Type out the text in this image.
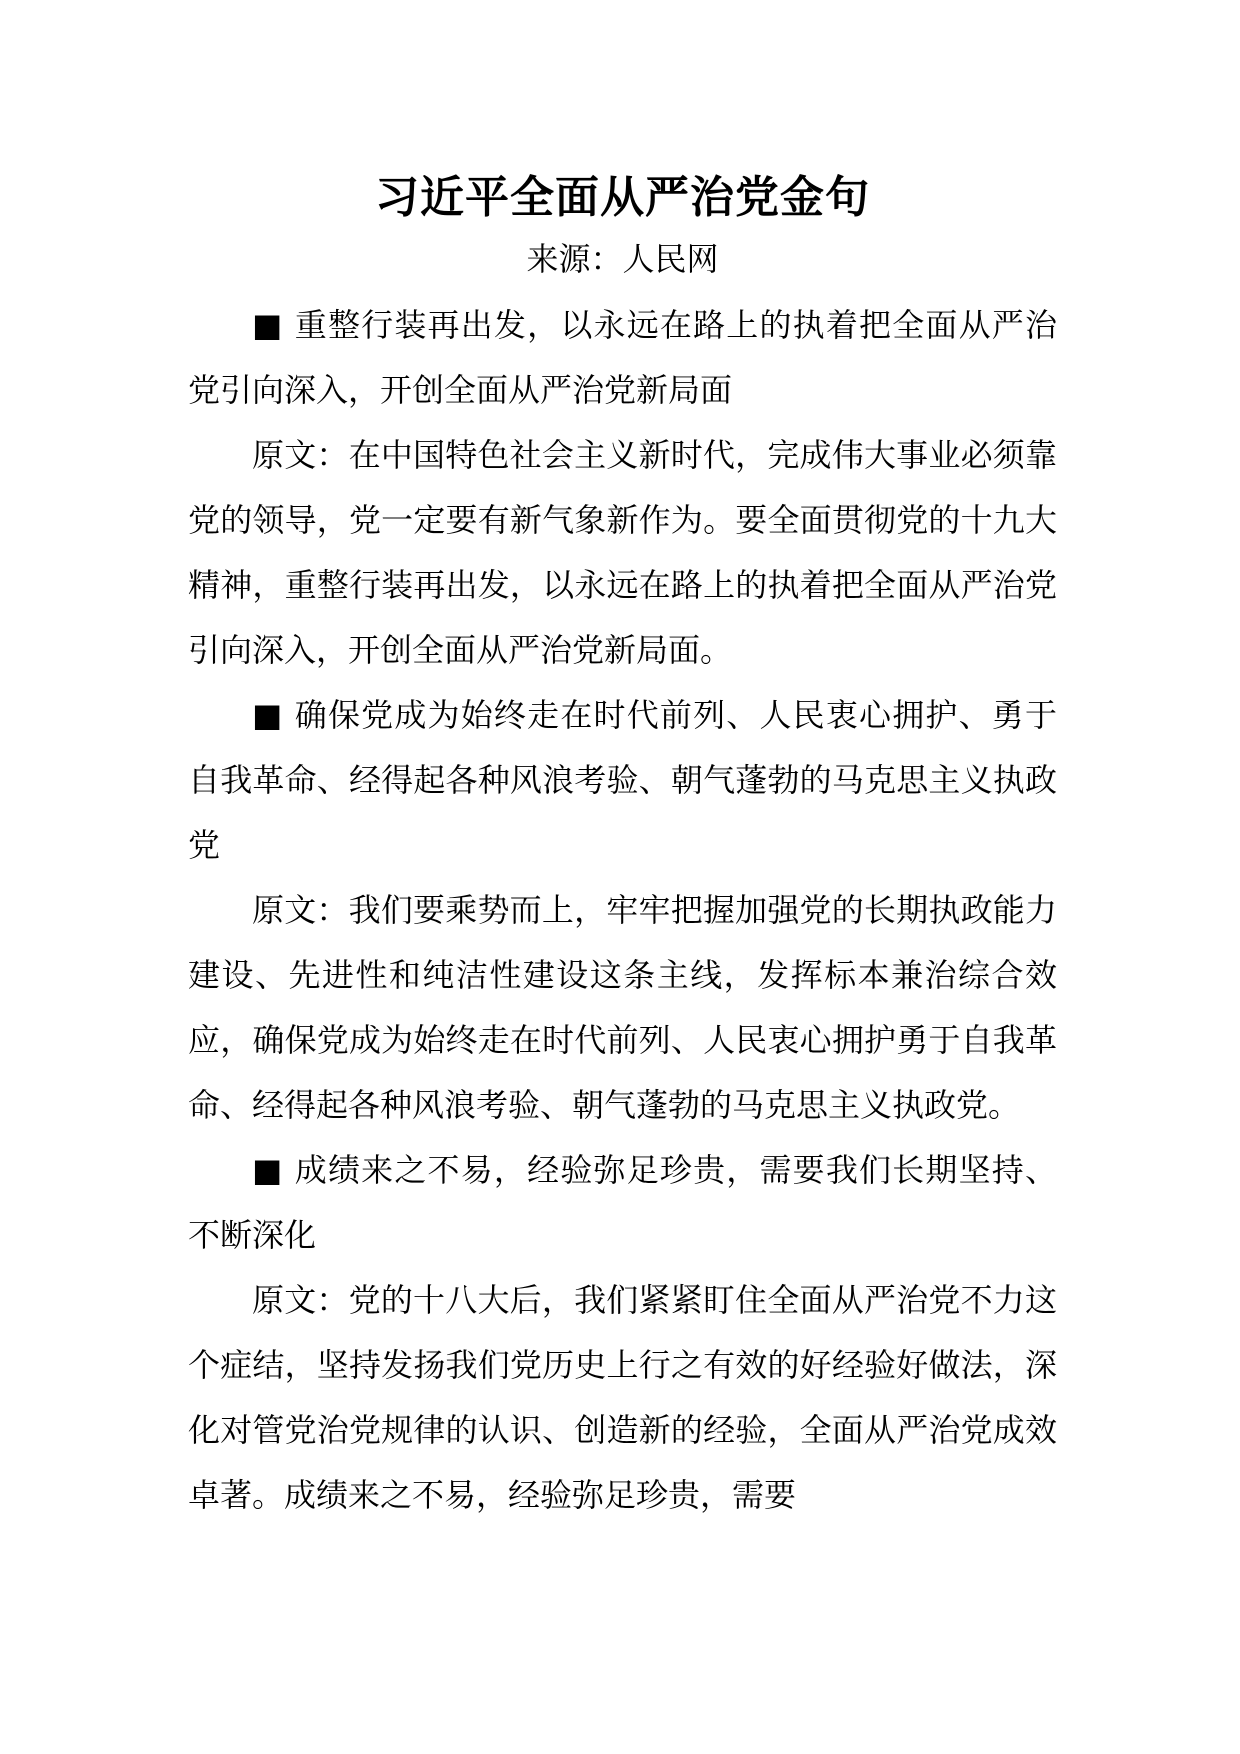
习近平全面从严治党金句

来源：人民网

■ 重整行装再出发，以永远在路上的执着把全面从严治党引向深入，开创全面从严治党新局面

原文：在中国特色社会主义新时代，完成伟大事业必须靠党的领导，党一定要有新气象新作为。要全面贯彻党的十九大精神，重整行装再出发，以永远在路上的执着把全面从严治党引向深入，开创全面从严治党新局面。

■ 确保党成为始终走在时代前列、人民衷心拥护、勇于自我革命、经得起各种风浪考验、朝气蓬勃的马克思主义执政党

原文：我们要乘势而上，牢牢把握加强党的长期执政能力建设、先进性和纯洁性建设这条主线，发挥标本兼治综合效应，确保党成为始终走在时代前列、人民衷心拥护勇于自我革命、经得起各种风浪考验、朝气蓬勃的马克思主义执政党。

■ 成绩来之不易，经验弥足珍贵，需要我们长期坚持、不断深化

原文：党的十八大后，我们紧紧盯住全面从严治党不力这个症结，坚持发扬我们党历史上行之有效的好经验好做法，深化对管党治党规律的认识、创造新的经验，全面从严治党成效卓著。成绩来之不易，经验弥足珍贵，需要
